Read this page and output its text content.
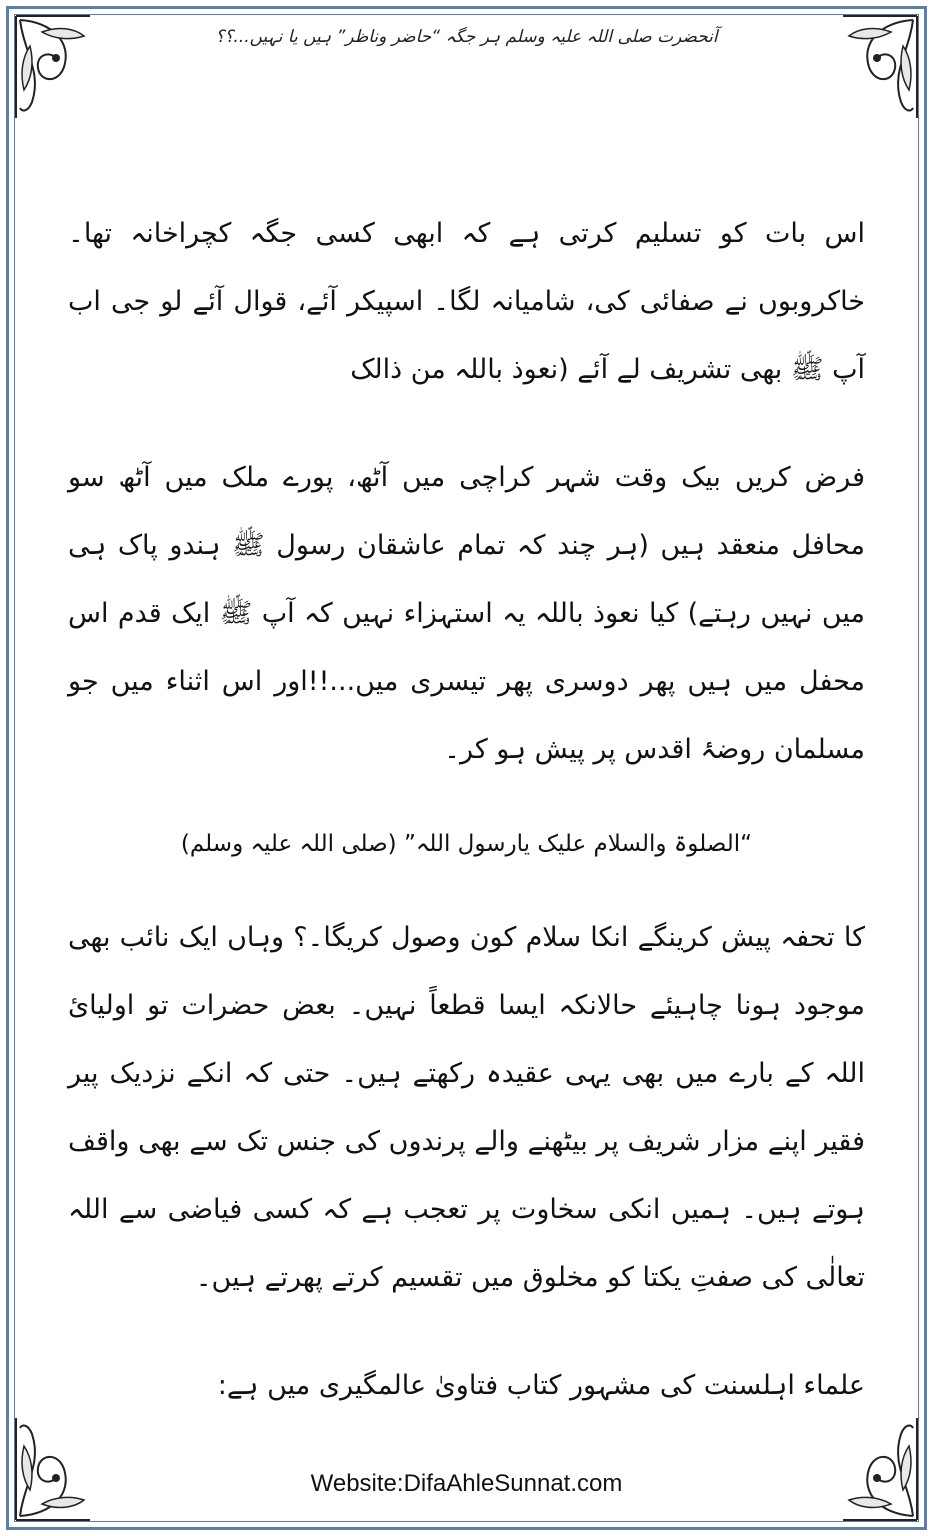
آنحضرت صلی اللہ علیہ وسلم ہر جگہ “حاضر وناظر” ہیں یا نہیں...؟؟

اس بات کو تسلیم کرتی ہے کہ ابھی کسی جگہ کچراخانہ تھا۔ خاکروبوں نے صفائی کی، شامیانہ لگا۔ اسپیکر آئے، قوال آئے لو جی اب آپ ﷺ بھی تشریف لے آئے (نعوذ باللہ من ذالک

فرض کریں بیک وقت شہر کراچی میں آٹھ، پورے ملک میں آٹھ سو محافل منعقد ہیں (ہر چند کہ تمام عاشقان رسول ﷺ ہندو پاک ہی میں نہیں رہتے) کیا نعوذ باللہ یہ استہزاء نہیں کہ آپ ﷺ ایک قدم اس محفل میں ہیں پھر دوسری پھر تیسری میں...!!اور اس اثناء میں جو مسلمان روضۂ اقدس پر پیش ہو کر۔

“الصلوۃ والسلام علیک یارسول اللہ” (صلی اللہ علیہ وسلم)

کا تحفہ پیش کرینگے انکا سلام کون وصول کریگا۔؟ وہاں ایک نائب بھی موجود ہونا چاہیئے حالانکہ ایسا قطعاً نہیں۔ بعض حضرات تو اولیائ اللہ کے بارے میں بھی یہی عقیدہ رکھتے ہیں۔ حتی کہ انکے نزدیک پیر فقیر اپنے مزار شریف پر بیٹھنے والے پرندوں کی جنس تک سے بھی واقف ہوتے ہیں۔ ہمیں انکی سخاوت پر تعجب ہے کہ کسی فیاضی سے اللہ تعالٰی کی صفتِ یکتا کو مخلوق میں تقسیم کرتے پھرتے ہیں۔

علماء اہلسنت کی مشہور کتاب فتاویٰ عالمگیری میں ہے:

Website:DifaAhleSunnat.com
